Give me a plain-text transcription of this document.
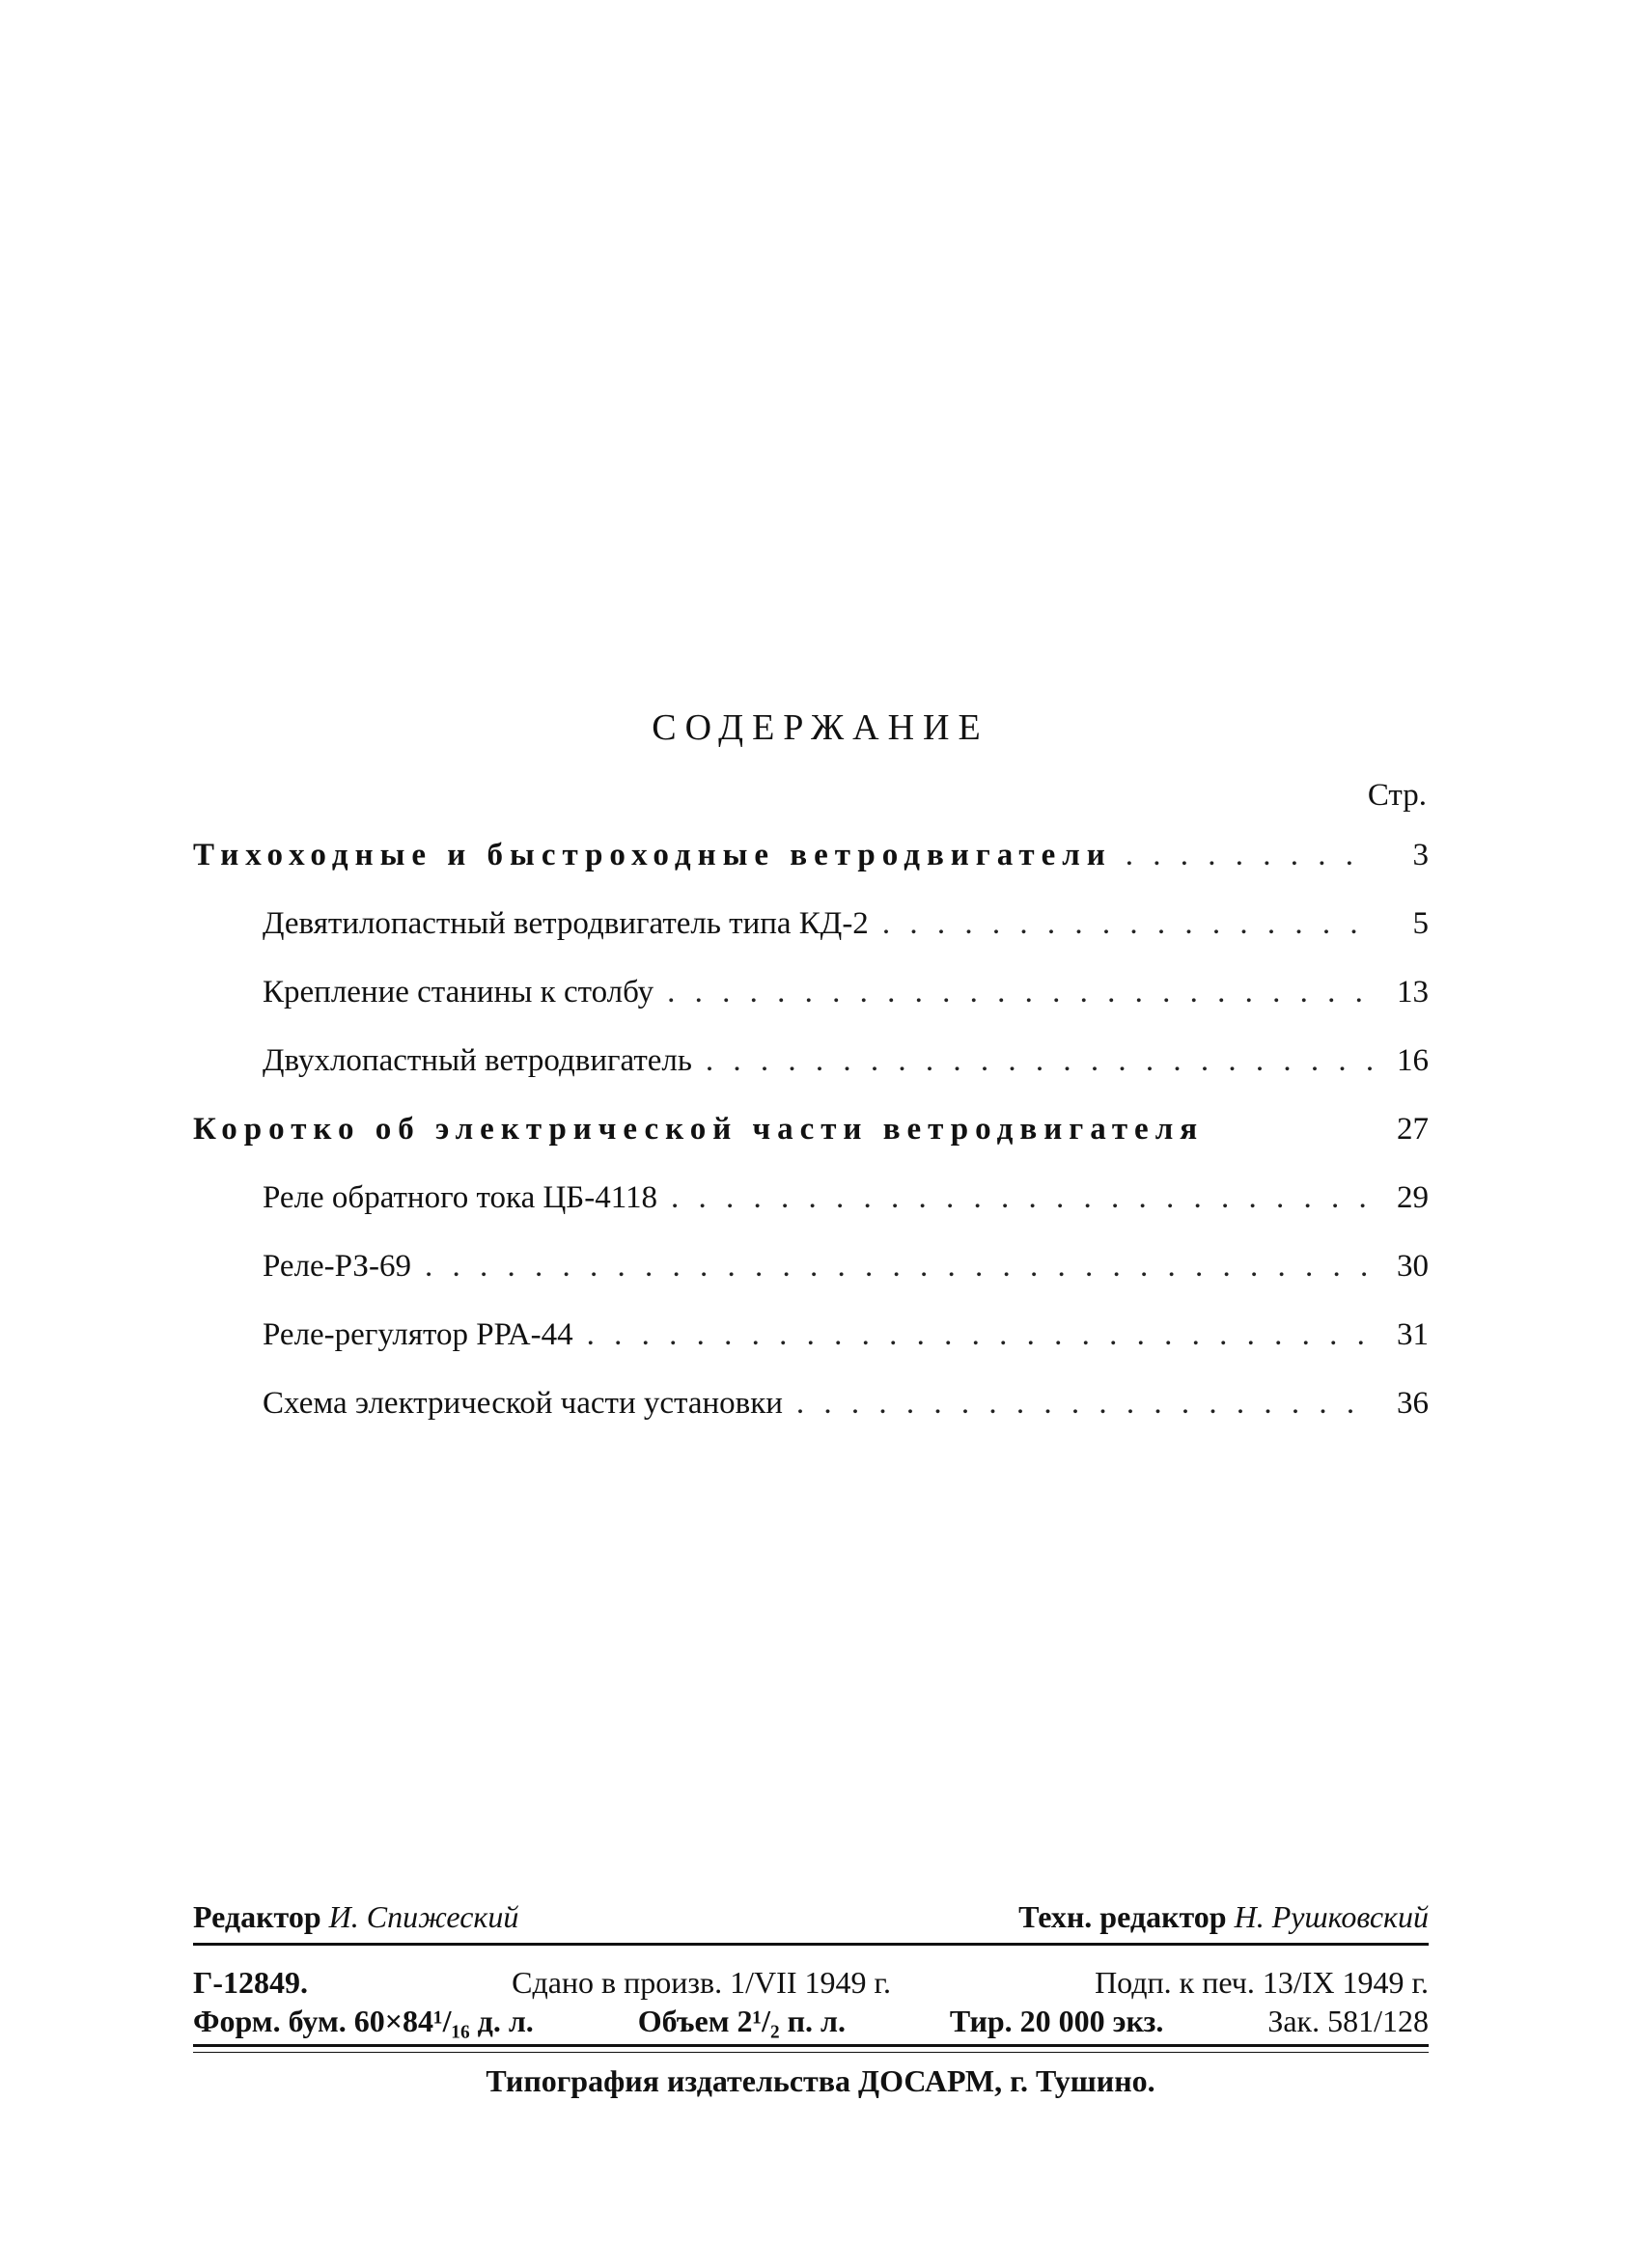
СОДЕРЖАНИЕ
Стр.
Тихоходные и быстроходные ветродвигатели . . .	3
Девятилопастный ветродвигатель типа КД-2 . . .	5
Крепление станины к столбу . . .	13
Двухлопастный ветродвигатель . . .	16
Коротко об электрической части ветродвигателя	27
Реле обратного тока ЦБ-4118 . . .	29
Реле-РЗ-69 . . .	30
Реле-регулятор РРА-44 . . .	31
Схема электрической части установки . . .	36
Редактор И. Спижеский	Техн. редактор Н. Рушковский
Г-12849.	Сдано в произв. 1/VII 1949 г.	Подп. к печ. 13/IX 1949 г.
Форм. бум. 60×84¹/₁₆ д. л.	Объем 2¹/₂ п. л.	Тир. 20 000 экз.	Зак. 581/128
Типография издательства ДОСАРМ, г. Тушино.
